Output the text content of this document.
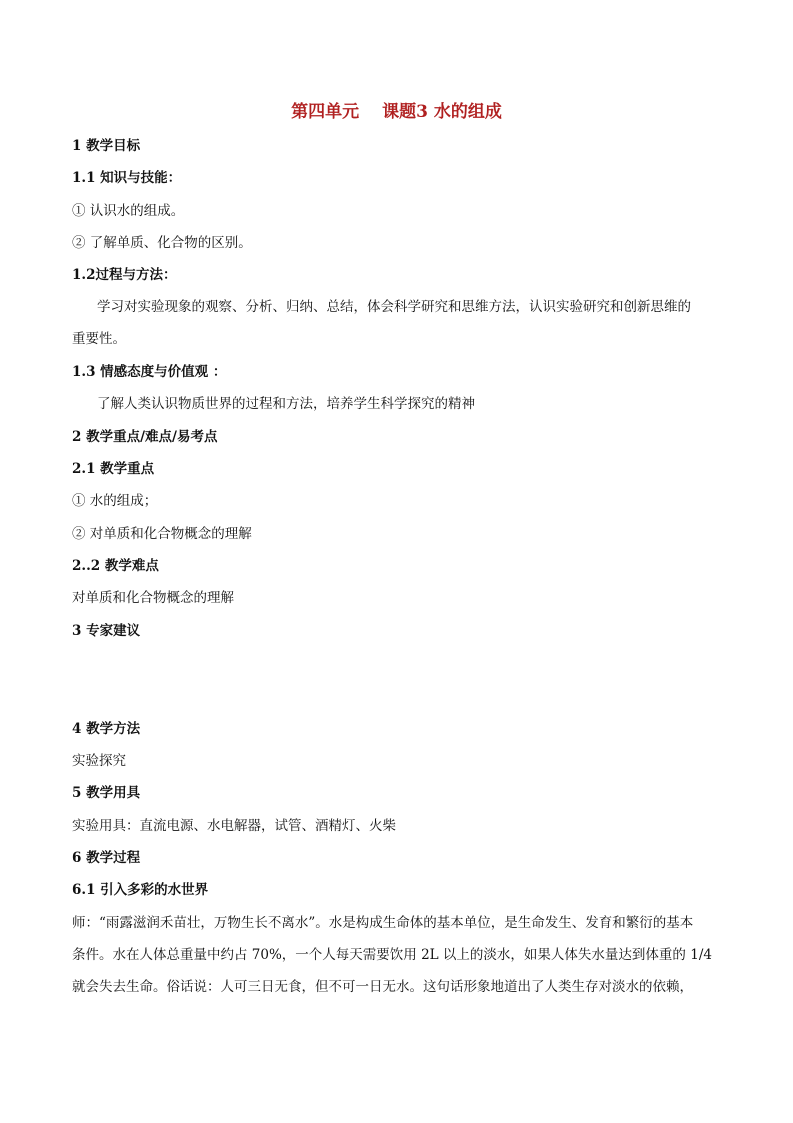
第四单元　 课题3 水的组成
1 教学目标
1.1 知识与技能：
① 认识水的组成。
② 了解单质、化合物的区别。
1.2过程与方法：
学习对实验现象的观察、分析、归纳、总结，体会科学研究和思维方法，认识实验研究和创新思维的
重要性。
1.3 情感态度与价值观 ：
了解人类认识物质世界的过程和方法，培养学生科学探究的精神
2 教学重点/难点/易考点
2.1 教学重点
① 水的组成；
② 对单质和化合物概念的理解
2..2 教学难点
对单质和化合物概念的理解
3 专家建议
4 教学方法
实验探究
5 教学用具
实验用具：直流电源、水电解器，试管、酒精灯、火柴
6 教学过程
6.1 引入多彩的水世界
师：“雨露滋润禾苗壮，万物生长不离水”。水是构成生命体的基本单位，是生命发生、发育和繁衍的基本
条件。水在人体总重量中约占 70%，一个人每天需要饮用 2L 以上的淡水，如果人体失水量达到体重的 1/4
就会失去生命。俗话说：人可三日无食，但不可一日无水。这句话形象地道出了人类生存对淡水的依赖，
